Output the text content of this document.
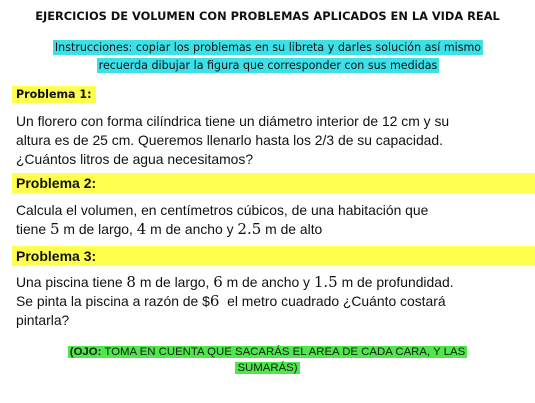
EJERCICIOS DE VOLUMEN CON PROBLEMAS APLICADOS EN LA VIDA REAL
Instrucciones: copiar los problemas en su libreta y darles solución así mismo
recuerda dibujar la figura que corresponder con sus medidas
Problema 1:
Un florero con forma cilíndrica tiene un diámetro interior de 12 cm y su
altura es de 25 cm. Queremos llenarlo hasta los 2/3 de su capacidad.
¿Cuántos litros de agua necesitamos?
Problema 2:
Calcula el volumen, en centímetros cúbicos, de una habitación que
tiene 5 m de largo, 4 m de ancho y 2.5 m de alto
Problema 3:
Una piscina tiene 8 m de largo, 6 m de ancho y 1.5 m de profundidad.
Se pinta la piscina a razón de $6  el metro cuadrado ¿Cuánto costará
pintarla?
(OJO: TOMA EN CUENTA QUE SACARÁS EL AREA DE CADA CARA, Y LAS
SUMARÁS)
